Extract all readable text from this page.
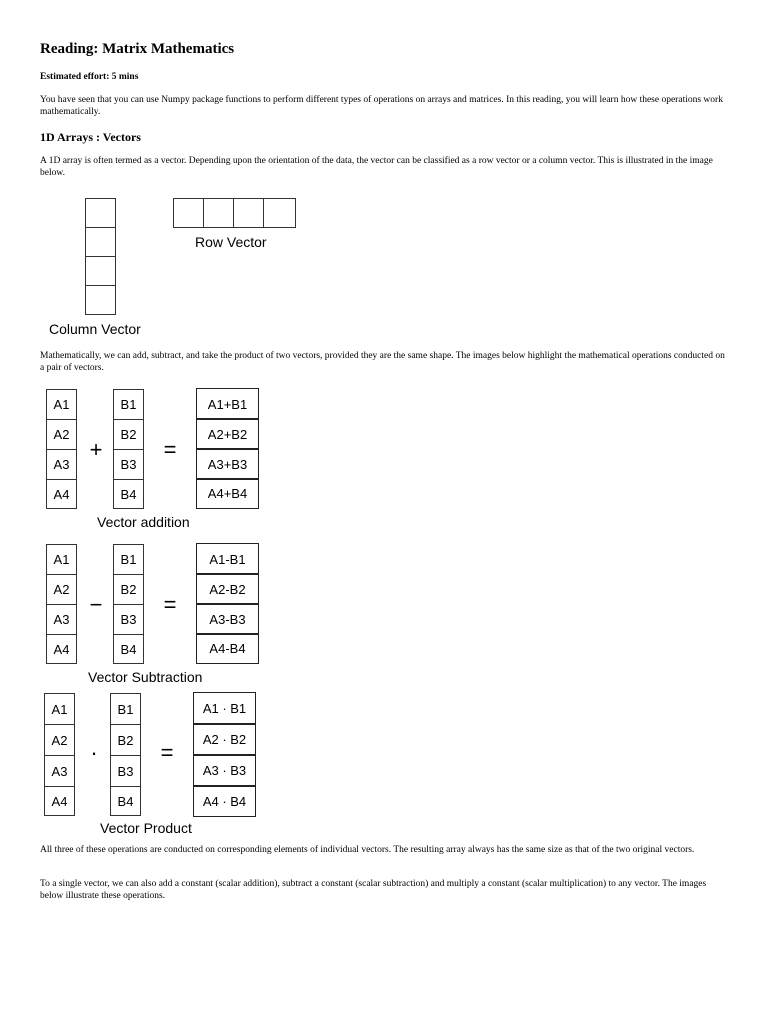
Reading: Matrix Mathematics

Estimated effort: 5 mins

You have seen that you can use Numpy package functions to perform different types of operations on arrays and matrices. In this reading, you will learn how these operations work mathematically.

1D Arrays : Vectors

A 1D array is often termed as a vector. Depending upon the orientation of the data, the vector can be classified as a row vector or a column vector. This is illustrated in the image below.

Column Vector
Row Vector

Mathematically, we can add, subtract, and take the product of two vectors, provided they are the same shape. The images below highlight the mathematical operations conducted on a pair of vectors.

A1
A2
A3
A4
+
B1
B2
B3
B4
=
A1+B1
A2+B2
A3+B3
A4+B4
Vector addition
A1
A2
A3
A4
−
B1
B2
B3
B4
=
A1-B1
A2-B2
A3-B3
A4-B4
Vector Subtraction
A1
A2
A3
A4
·
B1
B2
B3
B4
=
A1 · B1
A2 · B2
A3 · B3
A4 · B4
Vector Product

All three of these operations are conducted on corresponding elements of individual vectors. The resulting array always has the same size as that of the two original vectors.

To a single vector, we can also add a constant (scalar addition), subtract a constant (scalar subtraction) and multiply a constant (scalar multiplication) to any vector. The images below illustrate these operations.
